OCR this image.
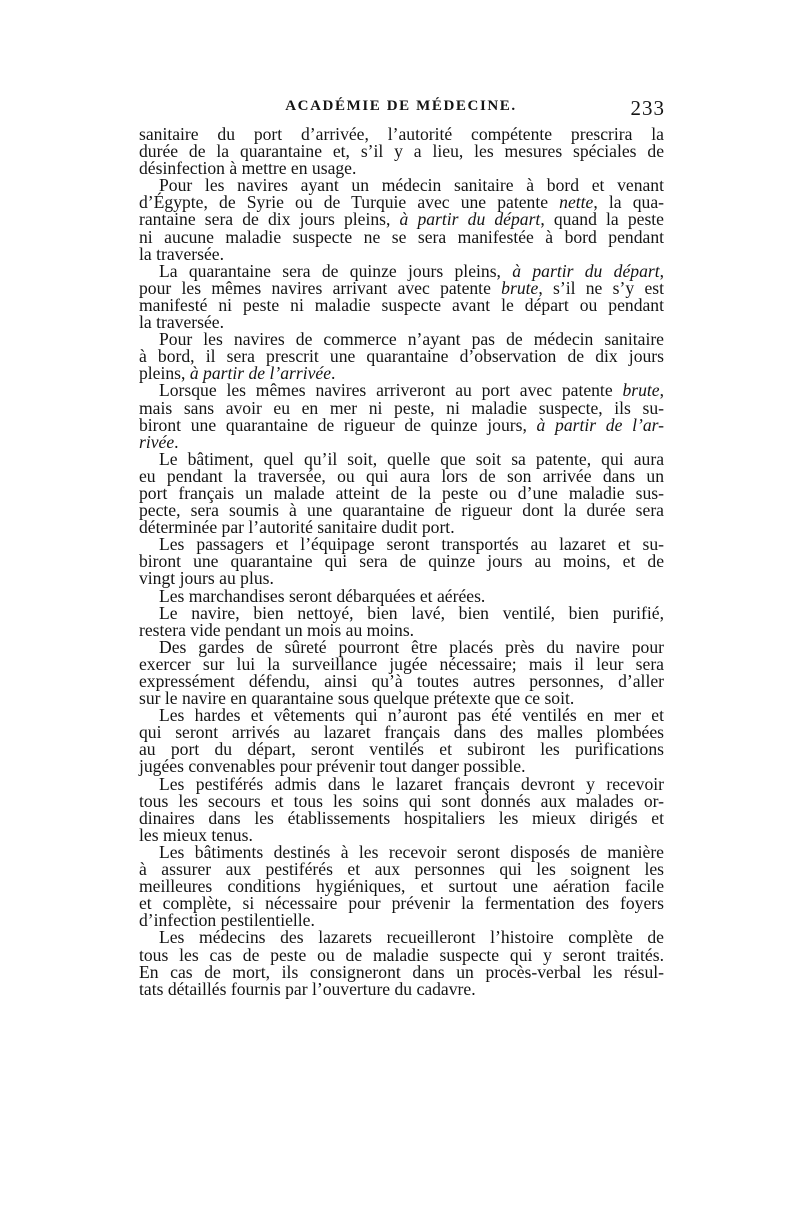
ACADÉMIE DE MÉDECINE.	233
sanitaire du port d’arrivée, l’autorité compétente prescrira la
durée de la quarantaine et, s’il y a lieu, les mesures spéciales de
désinfection à mettre en usage.
Pour les navires ayant un médecin sanitaire à bord et venant
d’Égypte, de Syrie ou de Turquie avec une patente nette, la qua-
rantaine sera de dix jours pleins, à partir du départ, quand la peste
ni aucune maladie suspecte ne se sera manifestée à bord pendant
la traversée.
La quarantaine sera de quinze jours pleins, à partir du départ,
pour les mêmes navires arrivant avec patente brute, s’il ne s’y est
manifesté ni peste ni maladie suspecte avant le départ ou pendant
la traversée.
Pour les navires de commerce n’ayant pas de médecin sanitaire
à bord, il sera prescrit une quarantaine d’observation de dix jours
pleins, à partir de l’arrivée.
Lorsque les mêmes navires arriveront au port avec patente brute,
mais sans avoir eu en mer ni peste, ni maladie suspecte, ils su-
biront une quarantaine de rigueur de quinze jours, à partir de l’ar-
rivée.
Le bâtiment, quel qu’il soit, quelle que soit sa patente, qui aura
eu pendant la traversée, ou qui aura lors de son arrivée dans un
port français un malade atteint de la peste ou d’une maladie sus-
pecte, sera soumis à une quarantaine de rigueur dont la durée sera
déterminée par l’autorité sanitaire dudit port.
Les passagers et l’équipage seront transportés au lazaret et su-
biront une quarantaine qui sera de quinze jours au moins, et de
vingt jours au plus.
Les marchandises seront débarquées et aérées.
Le navire, bien nettoyé, bien lavé, bien ventilé, bien purifié,
restera vide pendant un mois au moins.
Des gardes de sûreté pourront être placés près du navire pour
exercer sur lui la surveillance jugée nécessaire; mais il leur sera
expressément défendu, ainsi qu’à toutes autres personnes, d’aller
sur le navire en quarantaine sous quelque prétexte que ce soit.
Les hardes et vêtements qui n’auront pas été ventilés en mer et
qui seront arrivés au lazaret français dans des malles plombées
au port du départ, seront ventilés et subiront les purifications
jugées convenables pour prévenir tout danger possible.
Les pestiférés admis dans le lazaret français devront y recevoir
tous les secours et tous les soins qui sont donnés aux malades or-
dinaires dans les établissements hospitaliers les mieux dirigés et
les mieux tenus.
Les bâtiments destinés à les recevoir seront disposés de manière
à assurer aux pestiférés et aux personnes qui les soignent les
meilleures conditions hygiéniques, et surtout une aération facile
et complète, si nécessaire pour prévenir la fermentation des foyers
d’infection pestilentielle.
Les médecins des lazarets recueilleront l’histoire complète de
tous les cas de peste ou de maladie suspecte qui y seront traités.
En cas de mort, ils consigneront dans un procès-verbal les résul-
tats détaillés fournis par l’ouverture du cadavre.
